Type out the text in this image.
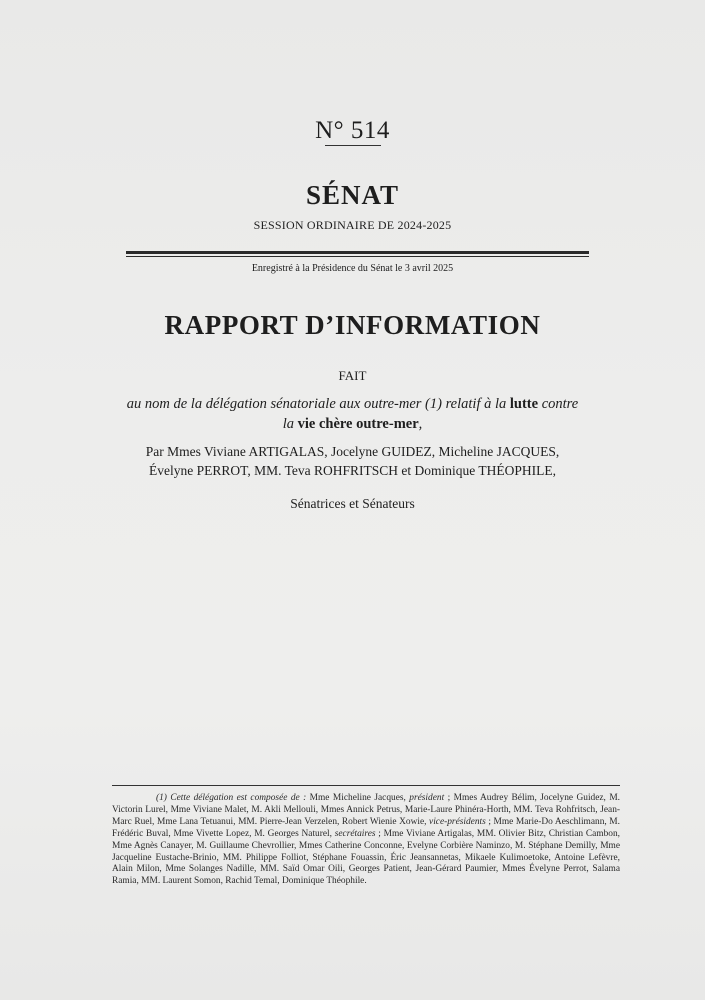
N° 514
SÉNAT
SESSION ORDINAIRE DE 2024-2025
Enregistré à la Présidence du Sénat le 3 avril 2025
RAPPORT D’INFORMATION
FAIT
au nom de la délégation sénatoriale aux outre-mer (1) relatif à la lutte contre
la vie chère outre-mer,
Par Mmes Viviane ARTIGALAS, Jocelyne GUIDEZ, Micheline JACQUES,
Évelyne PERROT, MM. Teva ROHFRITSCH et Dominique THÉOPHILE,
Sénatrices et Sénateurs
(1) Cette délégation est composée de : Mme Micheline Jacques, président ; Mmes Audrey Bélim, Jocelyne Guidez, M. Victorin Lurel, Mme Viviane Malet, M. Akli Mellouli, Mmes Annick Petrus, Marie-Laure Phinéra-Horth, MM. Teva Rohfritsch, Jean-Marc Ruel, Mme Lana Tetuanui, MM. Pierre-Jean Verzelen, Robert Wienie Xowie, vice-présidents ; Mme Marie-Do Aeschlimann, M. Frédéric Buval, Mme Vivette Lopez, M. Georges Naturel, secrétaires ; Mme Viviane Artigalas, MM. Olivier Bitz, Christian Cambon, Mme Agnès Canayer, M. Guillaume Chevrollier, Mmes Catherine Conconne, Evelyne Corbière Naminzo, M. Stéphane Demilly, Mme Jacqueline Eustache-Brinio, MM. Philippe Folliot, Stéphane Fouassin, Éric Jeansannetas, Mikaele Kulimoetoke, Antoine Lefèvre, Alain Milon, Mme Solanges Nadille, MM. Saïd Omar Oili, Georges Patient, Jean-Gérard Paumier, Mmes Évelyne Perrot, Salama Ramia, MM. Laurent Somon, Rachid Temal, Dominique Théophile.
